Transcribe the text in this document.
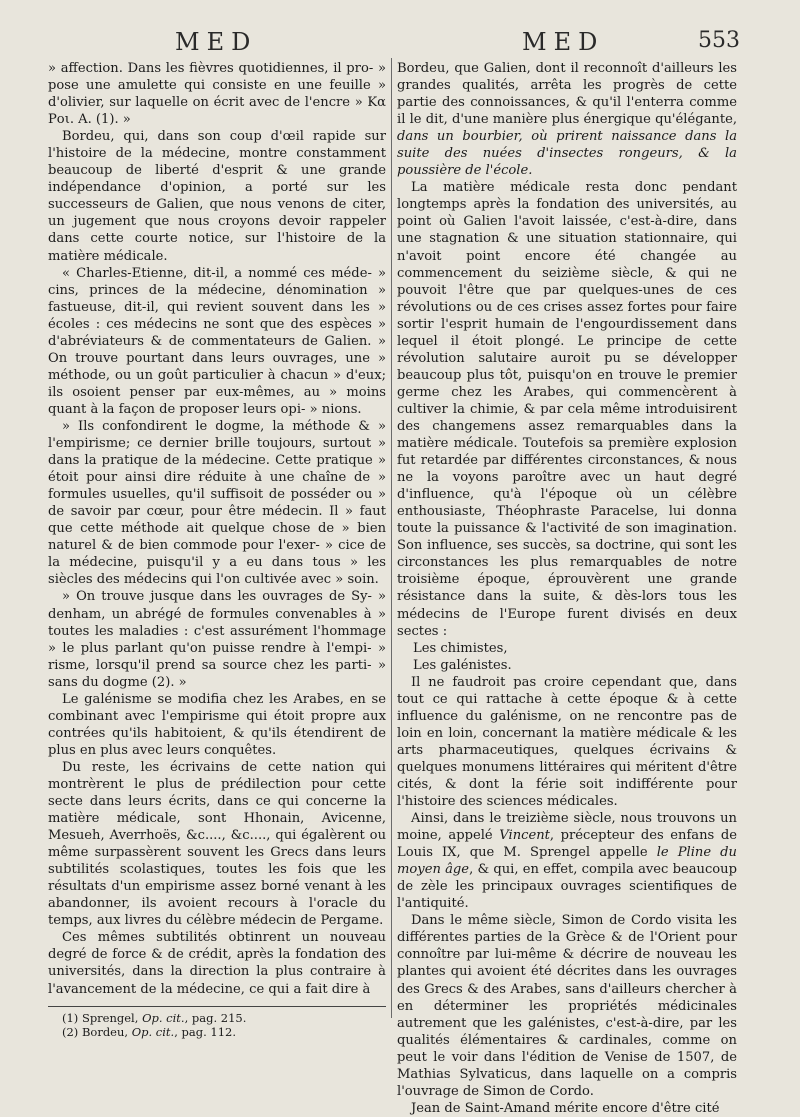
MED	MED	553

» affection. Dans les fièvres quotidiennes, il pro- » pose une amulette qui consiste en une feuille » d'olivier, sur laquelle on écrit avec de l'encre » Κα Ροι. A. (1). »

Bordeu, qui, dans son coup d'œil rapide sur l'histoire de la médecine, montre constamment beaucoup de liberté d'esprit & une grande indépendance d'opinion, a porté sur les successeurs de Galien, que nous venons de citer, un jugement que nous croyons devoir rappeler dans cette courte notice, sur l'histoire de la matière médicale.

« Charles-Etienne, dit-il, a nommé ces méde- » cins, princes de la médecine, dénomination » fastueuse, dit-il, qui revient souvent dans les » écoles : ces médecins ne sont que des espèces » d'abréviateurs & de commentateurs de Galien. » On trouve pourtant dans leurs ouvrages, une » méthode, ou un goût particulier à chacun » d'eux; ils osoient penser par eux-mêmes, au » moins quant à la façon de proposer leurs opi- » nions.

» Ils confondirent le dogme, la méthode & » l'empirisme; ce dernier brille toujours, surtout » dans la pratique de la médecine. Cette pratique » étoit pour ainsi dire réduite à une chaîne de » formules usuelles, qu'il suffisoit de posséder ou » de savoir par cœur, pour être médecin. Il » faut que cette méthode ait quelque chose de » bien naturel & de bien commode pour l'exer- » cice de la médecine, puisqu'il y a eu dans tous » les siècles des médecins qui l'on cultivée avec » soin.

» On trouve jusque dans les ouvrages de Sy- » denham, un abrégé de formules convenables à » toutes les maladies : c'est assurément l'hommage » le plus parlant qu'on puisse rendre à l'empi- » risme, lorsqu'il prend sa source chez les parti- » sans du dogme (2). »

Le galénisme se modifia chez les Arabes, en se combinant avec l'empirisme qui étoit propre aux contrées qu'ils habitoient, & qu'ils étendirent de plus en plus avec leurs conquêtes.

Du reste, les écrivains de cette nation qui montrèrent le plus de prédilection pour cette secte dans leurs écrits, dans ce qui concerne la matière médicale, sont Hhonain, Avicenne, Mesueh, Averrhoës, &c...., &c...., qui égalèrent ou même surpassèrent souvent les Grecs dans leurs subtilités scolastiques, toutes les fois que les résultats d'un empirisme assez borné venant à les abandonner, ils avoient recours à l'oracle du temps, aux livres du célèbre médecin de Pergame.

Ces mêmes subtilités obtinrent un nouveau degré de force & de crédit, après la fondation des universités, dans la direction la plus contraire à l'avancement de la médecine, ce qui a fait dire à

(1) Sprengel, Op. cit., pag. 215.

(2) Bordeu, Op. cit., pag. 112.

Bordeu, que Galien, dont il reconnoît d'ailleurs les grandes qualités, arrêta les progrès de cette partie des connoissances, & qu'il l'enterra comme il le dit, d'une manière plus énergique qu'élégante, dans un bourbier, où prirent naissance dans la suite des nuées d'insectes rongeurs, & la poussière de l'école.

La matière médicale resta donc pendant longtemps après la fondation des universités, au point où Galien l'avoit laissée, c'est-à-dire, dans une stagnation & une situation stationnaire, qui n'avoit point encore été changée au commencement du seizième siècle, & qui ne pouvoit l'être que par quelques-unes de ces révolutions ou de ces crises assez fortes pour faire sortir l'esprit humain de l'engourdissement dans lequel il étoit plongé. Le principe de cette révolution salutaire auroit pu se développer beaucoup plus tôt, puisqu'on en trouve le premier germe chez les Arabes, qui commencèrent à cultiver la chimie, & par cela même introduisirent des changemens assez remarquables dans la matière médicale. Toutefois sa première explosion fut retardée par différentes circonstances, & nous ne la voyons paroître avec un haut degré d'influence, qu'à l'époque où un célèbre enthousiaste, Théophraste Paracelse, lui donna toute la puissance & l'activité de son imagination. Son influence, ses succès, sa doctrine, qui sont les circonstances les plus remarquables de notre troisième époque, éprouvèrent une grande résistance dans la suite, & dès-lors tous les médecins de l'Europe furent divisés en deux sectes :

Les chimistes,

Les galénistes.

Il ne faudroit pas croire cependant que, dans tout ce qui rattache à cette époque & à cette influence du galénisme, on ne rencontre pas de loin en loin, concernant la matière médicale & les arts pharmaceutiques, quelques écrivains & quelques monumens littéraires qui méritent d'être cités, & dont la férie soit indifférente pour l'histoire des sciences médicales.

Ainsi, dans le treizième siècle, nous trouvons un moine, appelé Vincent, précepteur des enfans de Louis IX, que M. Sprengel appelle le Pline du moyen âge, & qui, en effet, compila avec beaucoup de zèle les principaux ouvrages scientifiques de l'antiquité.

Dans le même siècle, Simon de Cordo visita les différentes parties de la Grèce & de l'Orient pour connoître par lui-même & décrire de nouveau les plantes qui avoient été décrites dans les ouvrages des Grecs & des Arabes, sans d'ailleurs chercher à en déterminer les propriétés médicinales autrement que les galénistes, c'est-à-dire, par les qualités élémentaires & cardinales, comme on peut le voir dans l'édition de Venise de 1507, de Mathias Sylvaticus, dans laquelle on a compris l'ouvrage de Simon de Cordo.

Jean de Saint-Amand mérite encore d'être cité
